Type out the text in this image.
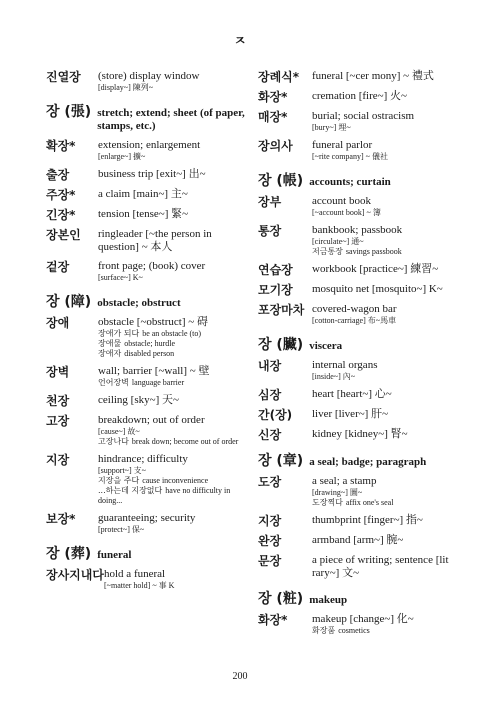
ㅈ
진열장	(store) display window
[display~] 陳列~
장 (張) stretch; extend; sheet (of paper, stamps, etc.)
확장*	extension; enlargement
[enlarge~] 擴~
출장	business trip [exit~] 出~
주장*	a claim [main~] 主~
긴장*	tension [tense~] 緊~
장본인	ringleader [~the person in question] ~ 本人
겉장	front page; (book) cover
[surface~] K~
장 (障) obstacle; obstruct
장애	obstacle [~obstruct] ~ 碍
장애가 되다 be an obstacle (to)
장애물 obstacle; hurdle
장애자 disabled person
장벽	wall; barrier [~wall] ~ 壁
언어장벽 language barrier
천장	ceiling [sky~] 天~
고장	breakdown; out of order
[cause~] 故~
고장나다 break down; become out of order
지장	hindrance; difficulty
[support~] 支~
지장을 주다 cause inconvenience
...하는데 지장없다 have no difficulty in doing...
보장*	guaranteeing; security
[protect~] 保~
장 (葬) funeral
장사지내다 hold a funeral
[~matter hold] ~ 事 K
장례식*	funeral [~cer mony] ~ 禮式
화장*	cremation [fire~] 火~
매장*	burial; social ostracism
[bury~] 埋~
장의사	funeral parlor
[~rite company] ~ 儀社
장 (帳) accounts; curtain
장부	account book
[~account book] ~ 簿
통장	bankbook; passbook
[circulate~] 通~
저금통장 savings passbook
연습장	workbook [practice~] 練習~
모기장	mosquito net [mosquito~] K~
포장마차 covered-wagon bar
[cotton-carriage] 布~馬車
장 (臟) viscera
내장	internal organs
[inside~] 內~
심장	heart [heart~] 心~
간(장)	liver [liver~] 肝~
신장	kidney [kidney~] 腎~
장 (章) a seal; badge; paragraph
도장	a seal; a stamp
[drawing~] 圖~
도장찍다 affix one's seal
지장	thumbprint [finger~] 指~
완장	armband [arm~] 腕~
문장	a piece of writing; sentence [lit rary~] 文~
장 (粧) makeup
화장*	makeup [change~] 化~
화장품 cosmetics
200
